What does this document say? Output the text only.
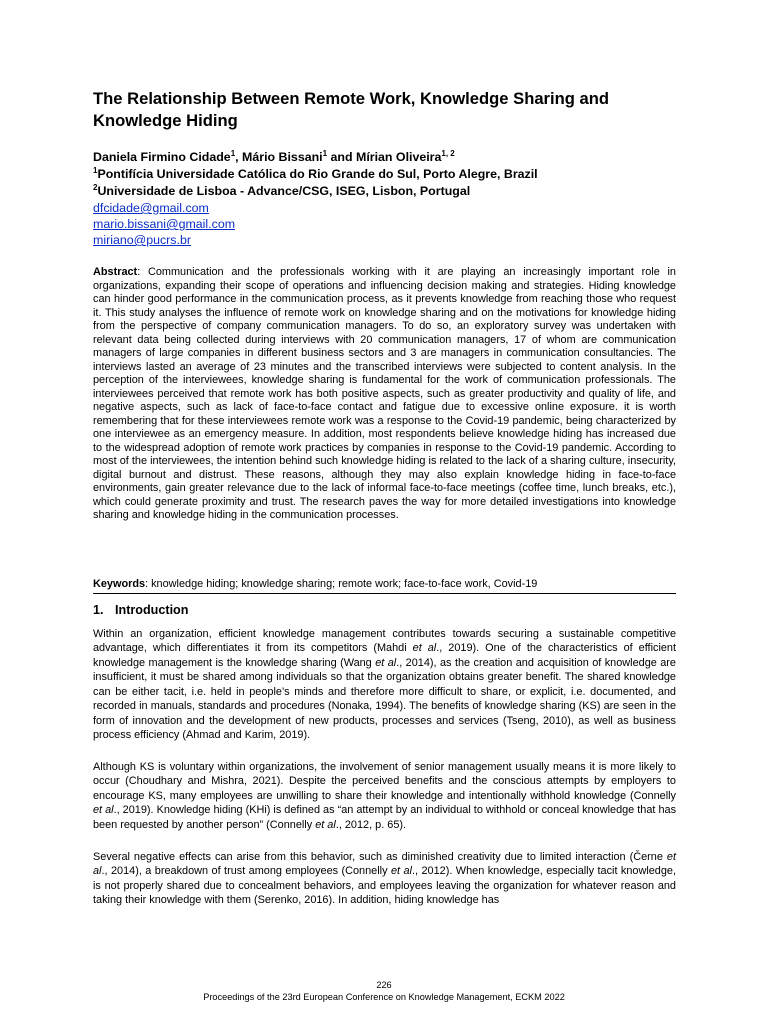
The Relationship Between Remote Work, Knowledge Sharing and Knowledge Hiding
Daniela Firmino Cidade$^1$, Mário Bissani$^1$ and Mírian Oliveira$^{1, 2}$
$^1$Pontifícia Universidade Católica do Rio Grande do Sul, Porto Alegre, Brazil
$^2$Universidade de Lisboa - Advance/CSG, ISEG, Lisbon, Portugal
dfcidade@gmail.com
mario.bissani@gmail.com
miriano@pucrs.br
Abstract: Communication and the professionals working with it are playing an increasingly important role in organizations, expanding their scope of operations and influencing decision making and strategies. Hiding knowledge can hinder good performance in the communication process, as it prevents knowledge from reaching those who request it. This study analyses the influence of remote work on knowledge sharing and on the motivations for knowledge hiding from the perspective of company communication managers. To do so, an exploratory survey was undertaken with relevant data being collected during interviews with 20 communication managers, 17 of whom are communication managers of large companies in different business sectors and 3 are managers in communication consultancies. The interviews lasted an average of 23 minutes and the transcribed interviews were subjected to content analysis. In the perception of the interviewees, knowledge sharing is fundamental for the work of communication professionals. The interviewees perceived that remote work has both positive aspects, such as greater productivity and quality of life, and negative aspects, such as lack of face-to-face contact and fatigue due to excessive online exposure. it is worth remembering that for these interviewees remote work was a response to the Covid-19 pandemic, being characterized by one interviewee as an emergency measure. In addition, most respondents believe knowledge hiding has increased due to the widespread adoption of remote work practices by companies in response to the Covid-19 pandemic. According to most of the interviewees, the intention behind such knowledge hiding is related to the lack of a sharing culture, insecurity, digital burnout and distrust. These reasons, although they may also explain knowledge hiding in face-to-face environments, gain greater relevance due to the lack of informal face-to-face meetings (coffee time, lunch breaks, etc.), which could generate proximity and trust. The research paves the way for more detailed investigations into knowledge sharing and knowledge hiding in the communication processes.
Keywords: knowledge hiding; knowledge sharing; remote work; face-to-face work, Covid-19
1. Introduction
Within an organization, efficient knowledge management contributes towards securing a sustainable competitive advantage, which differentiates it from its competitors (Mahdi et al., 2019). One of the characteristics of efficient knowledge management is the knowledge sharing (Wang et al., 2014), as the creation and acquisition of knowledge are insufficient, it must be shared among individuals so that the organization obtains greater benefit. The shared knowledge can be either tacit, i.e. held in people’s minds and therefore more difficult to share, or explicit, i.e. documented, and recorded in manuals, standards and procedures (Nonaka, 1994). The benefits of knowledge sharing (KS) are seen in the form of innovation and the development of new products, processes and services (Tseng, 2010), as well as business process efficiency (Ahmad and Karim, 2019).
Although KS is voluntary within organizations, the involvement of senior management usually means it is more likely to occur (Choudhary and Mishra, 2021). Despite the perceived benefits and the conscious attempts by employers to encourage KS, many employees are unwilling to share their knowledge and intentionally withhold knowledge (Connelly et al., 2019). Knowledge hiding (KHi) is defined as “an attempt by an individual to withhold or conceal knowledge that has been requested by another person” (Connelly et al., 2012, p. 65).
Several negative effects can arise from this behavior, such as diminished creativity due to limited interaction (Černe et al., 2014), a breakdown of trust among employees (Connelly et al., 2012). When knowledge, especially tacit knowledge, is not properly shared due to concealment behaviors, and employees leaving the organization for whatever reason and taking their knowledge with them (Serenko, 2016). In addition, hiding knowledge has
226
Proceedings of the 23rd European Conference on Knowledge Management, ECKM 2022
